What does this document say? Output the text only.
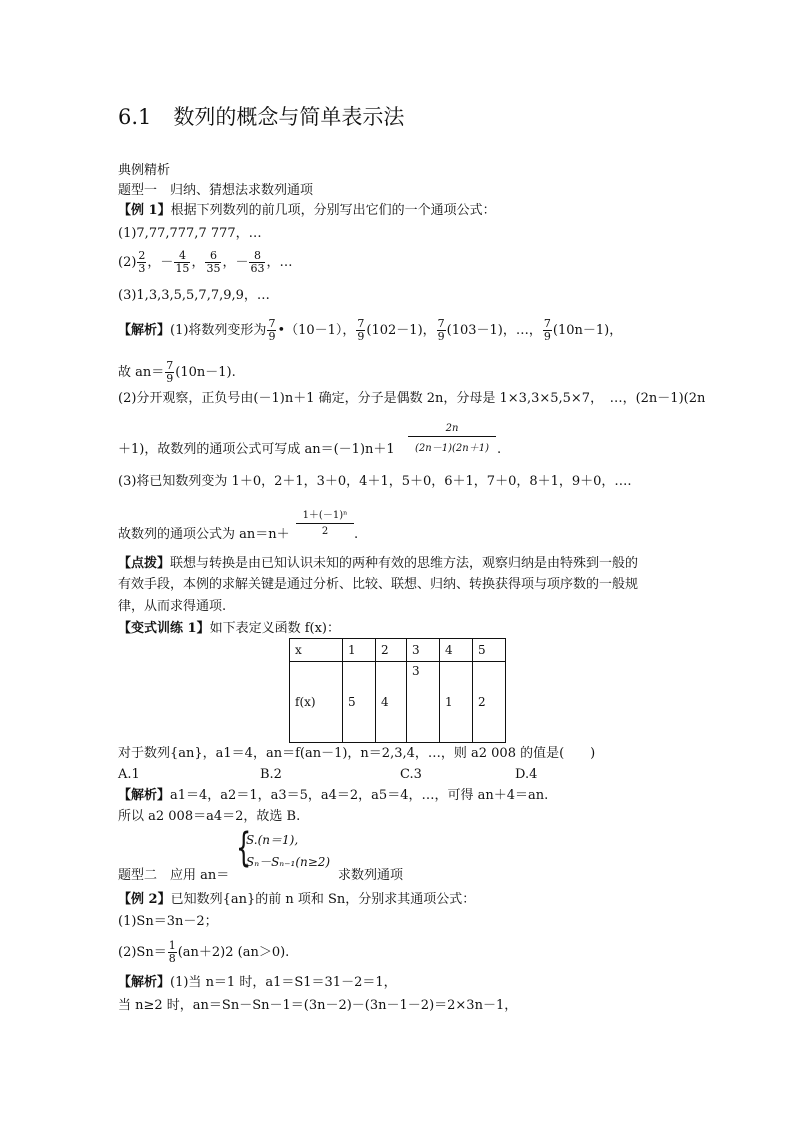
6.1 数列的概念与简单表示法
典例精析
题型一　归纳、猜想法求数列通项
【例 1】根据下列数列的前几项，分别写出它们的一个通项公式：
(1)7,77,777,7 777，…
$(2) \frac{2}{3}$ ，－ $\frac{4}{15}$ ， $\frac{6}{35}$ ，－ $\frac{8}{63}$ ，…
(3)1,3,3,5,5,7,7,9,9，…
【解析】(1)将数列变形为 $\frac{7}{9}$ •（10－1）， $\frac{7}{9} (102-1)$， $\frac{7}{9} (103-1)$，…， $\frac{7}{9} (10n-1)$，
故 $an= \frac{7}{9} (10n-1)$.
(2)分开观察，正负号由(－1)n＋1 确定，分子是偶数 2n，分母是 1×3,3×5,5×7，　…，(2n－1)(2n
＋1)，故数列的通项公式可写成 $an=(-1)n+1 \frac{2n}{(2n-1)(2n+1)}$ .
(3)将已知数列变为 1＋0，2＋1，3＋0，4＋1，5＋0，6＋1，7＋0，8＋1，9＋0，….
故数列的通项公式为 $an=n+ \frac{\text{1＋(－1)ⁿ}}{2}$ .
【点拨】联想与转换是由已知认识未知的两种有效的思维方法，观察归纳是由特殊到一般的
有效手段，本例的求解关键是通过分析、比较、联想、归纳、转换获得项与项序数的一般规
律，从而求得通项.
【变式训练 1】如下表定义函数 f(x)：
x	1	2	3	4	5
f(x)	5	4	3	1	2
对于数列{an}，a1＝4，an＝f(an－1)，n＝2,3,4，…，则 a2 008 的值是(　　)
A.1	B.2	C.3	D.4
【解析】a1＝4，a2＝1，a3＝5，a4＝2，a5＝4，…，可得 an＋4＝an.
所以 a2 008＝a4＝2，故选 B.
题型二　应用 an＝
{
S.(n＝1),
Sₙ－Sₙ₋₁(n≥2)
求数列通项
【例 2】已知数列{an}的前 n 项和 Sn，分别求其通项公式：
(1)Sn＝3n－2；
$(2)Sn= \frac{1}{8} (an+2)2$ (an＞0).
【解析】(1)当 n＝1 时，a1＝S1＝31－2＝1，
当 n≥2 时，an＝Sn－Sn－1＝(3n－2)－(3n－1－2)＝2×3n－1，
